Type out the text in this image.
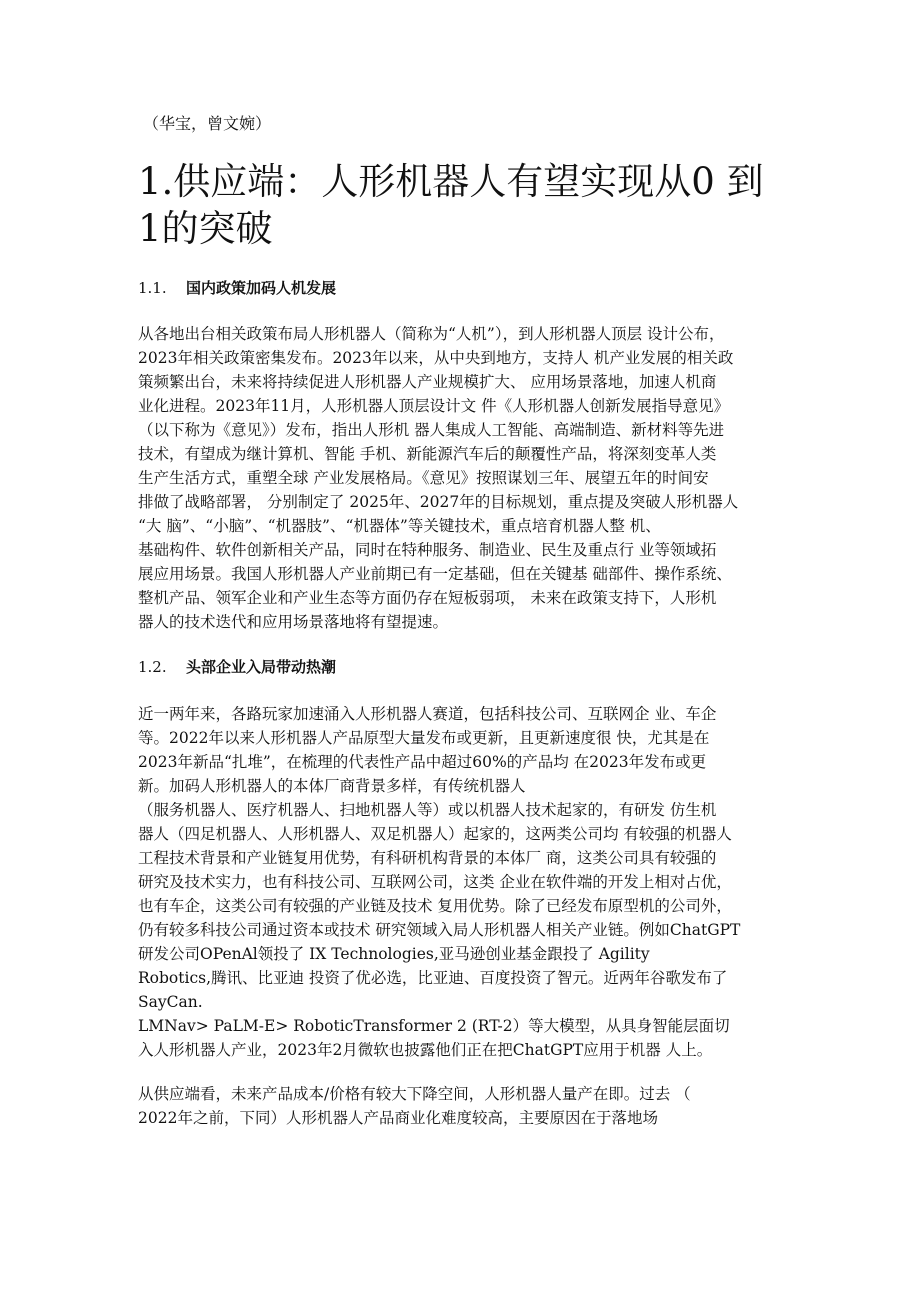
（华宝，曾文婉）
1.供应端：人形机器人有望实现从0 到
1的突破
1.1. 国内政策加码人机发展
从各地出台相关政策布局人形机器人（简称为“人机”），到人形机器人顶层 设计公布，
2023年相关政策密集发布。2023年以来，从中央到地方，支持人 机产业发展的相关政
策频繁出台，未来将持续促进人形机器人产业规模扩大、 应用场景落地，加速人机商
业化进程。2023年11月，人形机器人顶层设计文 件《人形机器人创新发展指导意见》
（以下称为《意见》）发布，指出人形机 器人集成人工智能、高端制造、新材料等先进
技术，有望成为继计算机、智能 手机、新能源汽车后的颠覆性产品，将深刻变革人类
生产生活方式，重塑全球 产业发展格局。《意见》按照谋划三年、展望五年的时间安
排做了战略部署， 分别制定了 2025年、2027年的目标规划，重点提及突破人形机器人
“大 脑”、“小脑”、“机器肢”、“机器体”等关键技术，重点培育机器人整 机、
基础构件、软件创新相关产品，同时在特种服务、制造业、民生及重点行 业等领域拓
展应用场景。我国人形机器人产业前期已有一定基础，但在关键基 础部件、操作系统、
整机产品、领军企业和产业生态等方面仍存在短板弱项， 未来在政策支持下，人形机
器人的技术迭代和应用场景落地将有望提速。
1.2. 头部企业入局带动热潮
近一两年来，各路玩家加速涌入人形机器人赛道，包括科技公司、互联网企 业、车企
等。2022年以来人形机器人产品原型大量发布或更新，且更新速度很 快，尤其是在
2023年新品“扎堆”，在梳理的代表性产品中超过60%的产品均 在2023年发布或更
新。加码人形机器人的本体厂商背景多样，有传统机器人
（服务机器人、医疗机器人、扫地机器人等）或以机器人技术起家的，有研发 仿生机
器人（四足机器人、人形机器人、双足机器人）起家的，这两类公司均 有较强的机器人
工程技术背景和产业链复用优势，有科研机构背景的本体厂 商，这类公司具有较强的
研究及技术实力，也有科技公司、互联网公司，这类 企业在软件端的开发上相对占优，
也有车企，这类公司有较强的产业链及技术 复用优势。除了已经发布原型机的公司外，
仍有较多科技公司通过资本或技术 研究领域入局人形机器人相关产业链。例如ChatGPT
研发公司OPenAl领投了 IX Technologies,亚马逊创业基金跟投了 Agility
Robotics,腾讯、比亚迪 投资了优必选，比亚迪、百度投资了智元。近两年谷歌发布了
SayCan.
LMNav> PaLM-E> RoboticTransformer 2 (RT-2）等大模型，从具身智能层面切
入人形机器人产业，2023年2月微软也披露他们正在把ChatGPT应用于机器 人上。
从供应端看，未来产品成本/价格有较大下降空间，人形机器人量产在即。过去 （
2022年之前，下同）人形机器人产品商业化难度较高，主要原因在于落地场
